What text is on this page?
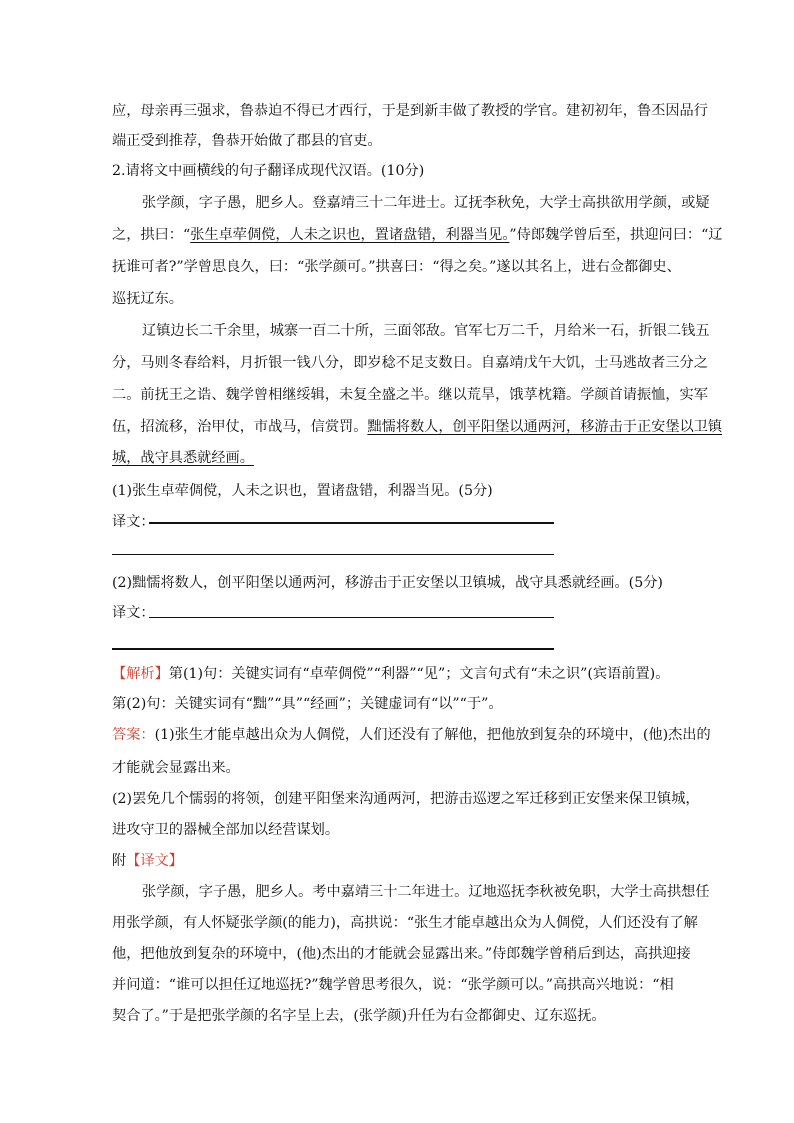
应，母亲再三强求，鲁恭迫不得已才西行，于是到新丰做了教授的学官。建初初年，鲁丕因品行
端正受到推荐，鲁恭开始做了郡县的官吏。
2.请将文中画横线的句子翻译成现代汉语。(10分)
张学颜，字子愚，肥乡人。登嘉靖三十二年进士。辽抚李秋免，大学士高拱欲用学颜，或疑
之，拱曰：“张生卓荦倜傥，人未之识也，置诸盘错，利器当见。”侍郎魏学曾后至，拱迎问曰：“辽
抚谁可者?”学曾思良久，曰：“张学颜可。”拱喜曰：“得之矣。”遂以其名上，进右佥都御史、
巡抚辽东。
辽镇边长二千余里，城寨一百二十所，三面邻敌。官军七万二千，月给米一石，折银二钱五
分，马则冬春给料，月折银一钱八分，即岁稔不足支数日。自嘉靖戊午大饥，士马逃故者三分之
二。前抚王之诰、魏学曾相继绥辑，未复全盛之半。继以荒旱，饿莩枕籍。学颜首请振恤，实军
伍，招流移，治甲仗，市战马，信赏罚。黜懦将数人，创平阳堡以通两河，移游击于正安堡以卫镇
城，战守具悉就经画。
(1)张生卓荦倜傥，人未之识也，置诸盘错，利器当见。(5分)
译文：
(2)黜懦将数人，创平阳堡以通两河，移游击于正安堡以卫镇城，战守具悉就经画。(5分)
译文：
【解析】第(1)句：关键实词有“卓荦倜傥”“利器”“见”；文言句式有“未之识”(宾语前置)。
第(2)句：关键实词有“黜”“具”“经画”；关键虚词有“以”“于”。
答案：(1)张生才能卓越出众为人倜傥，人们还没有了解他，把他放到复杂的环境中，(他)杰出的
才能就会显露出来。
(2)罢免几个懦弱的将领，创建平阳堡来沟通两河，把游击巡逻之军迁移到正安堡来保卫镇城，
进攻守卫的器械全部加以经营谋划。
附【译文】
张学颜，字子愚，肥乡人。考中嘉靖三十二年进士。辽地巡抚李秋被免职，大学士高拱想任
用张学颜，有人怀疑张学颜(的能力)，高拱说：“张生才能卓越出众为人倜傥，人们还没有了解
他，把他放到复杂的环境中，(他)杰出的才能就会显露出来。”侍郎魏学曾稍后到达，高拱迎接
并问道：“谁可以担任辽地巡抚?”魏学曾思考很久，说：“张学颜可以。”高拱高兴地说：“相
契合了。”于是把张学颜的名字呈上去，(张学颜)升任为右佥都御史、辽东巡抚。
